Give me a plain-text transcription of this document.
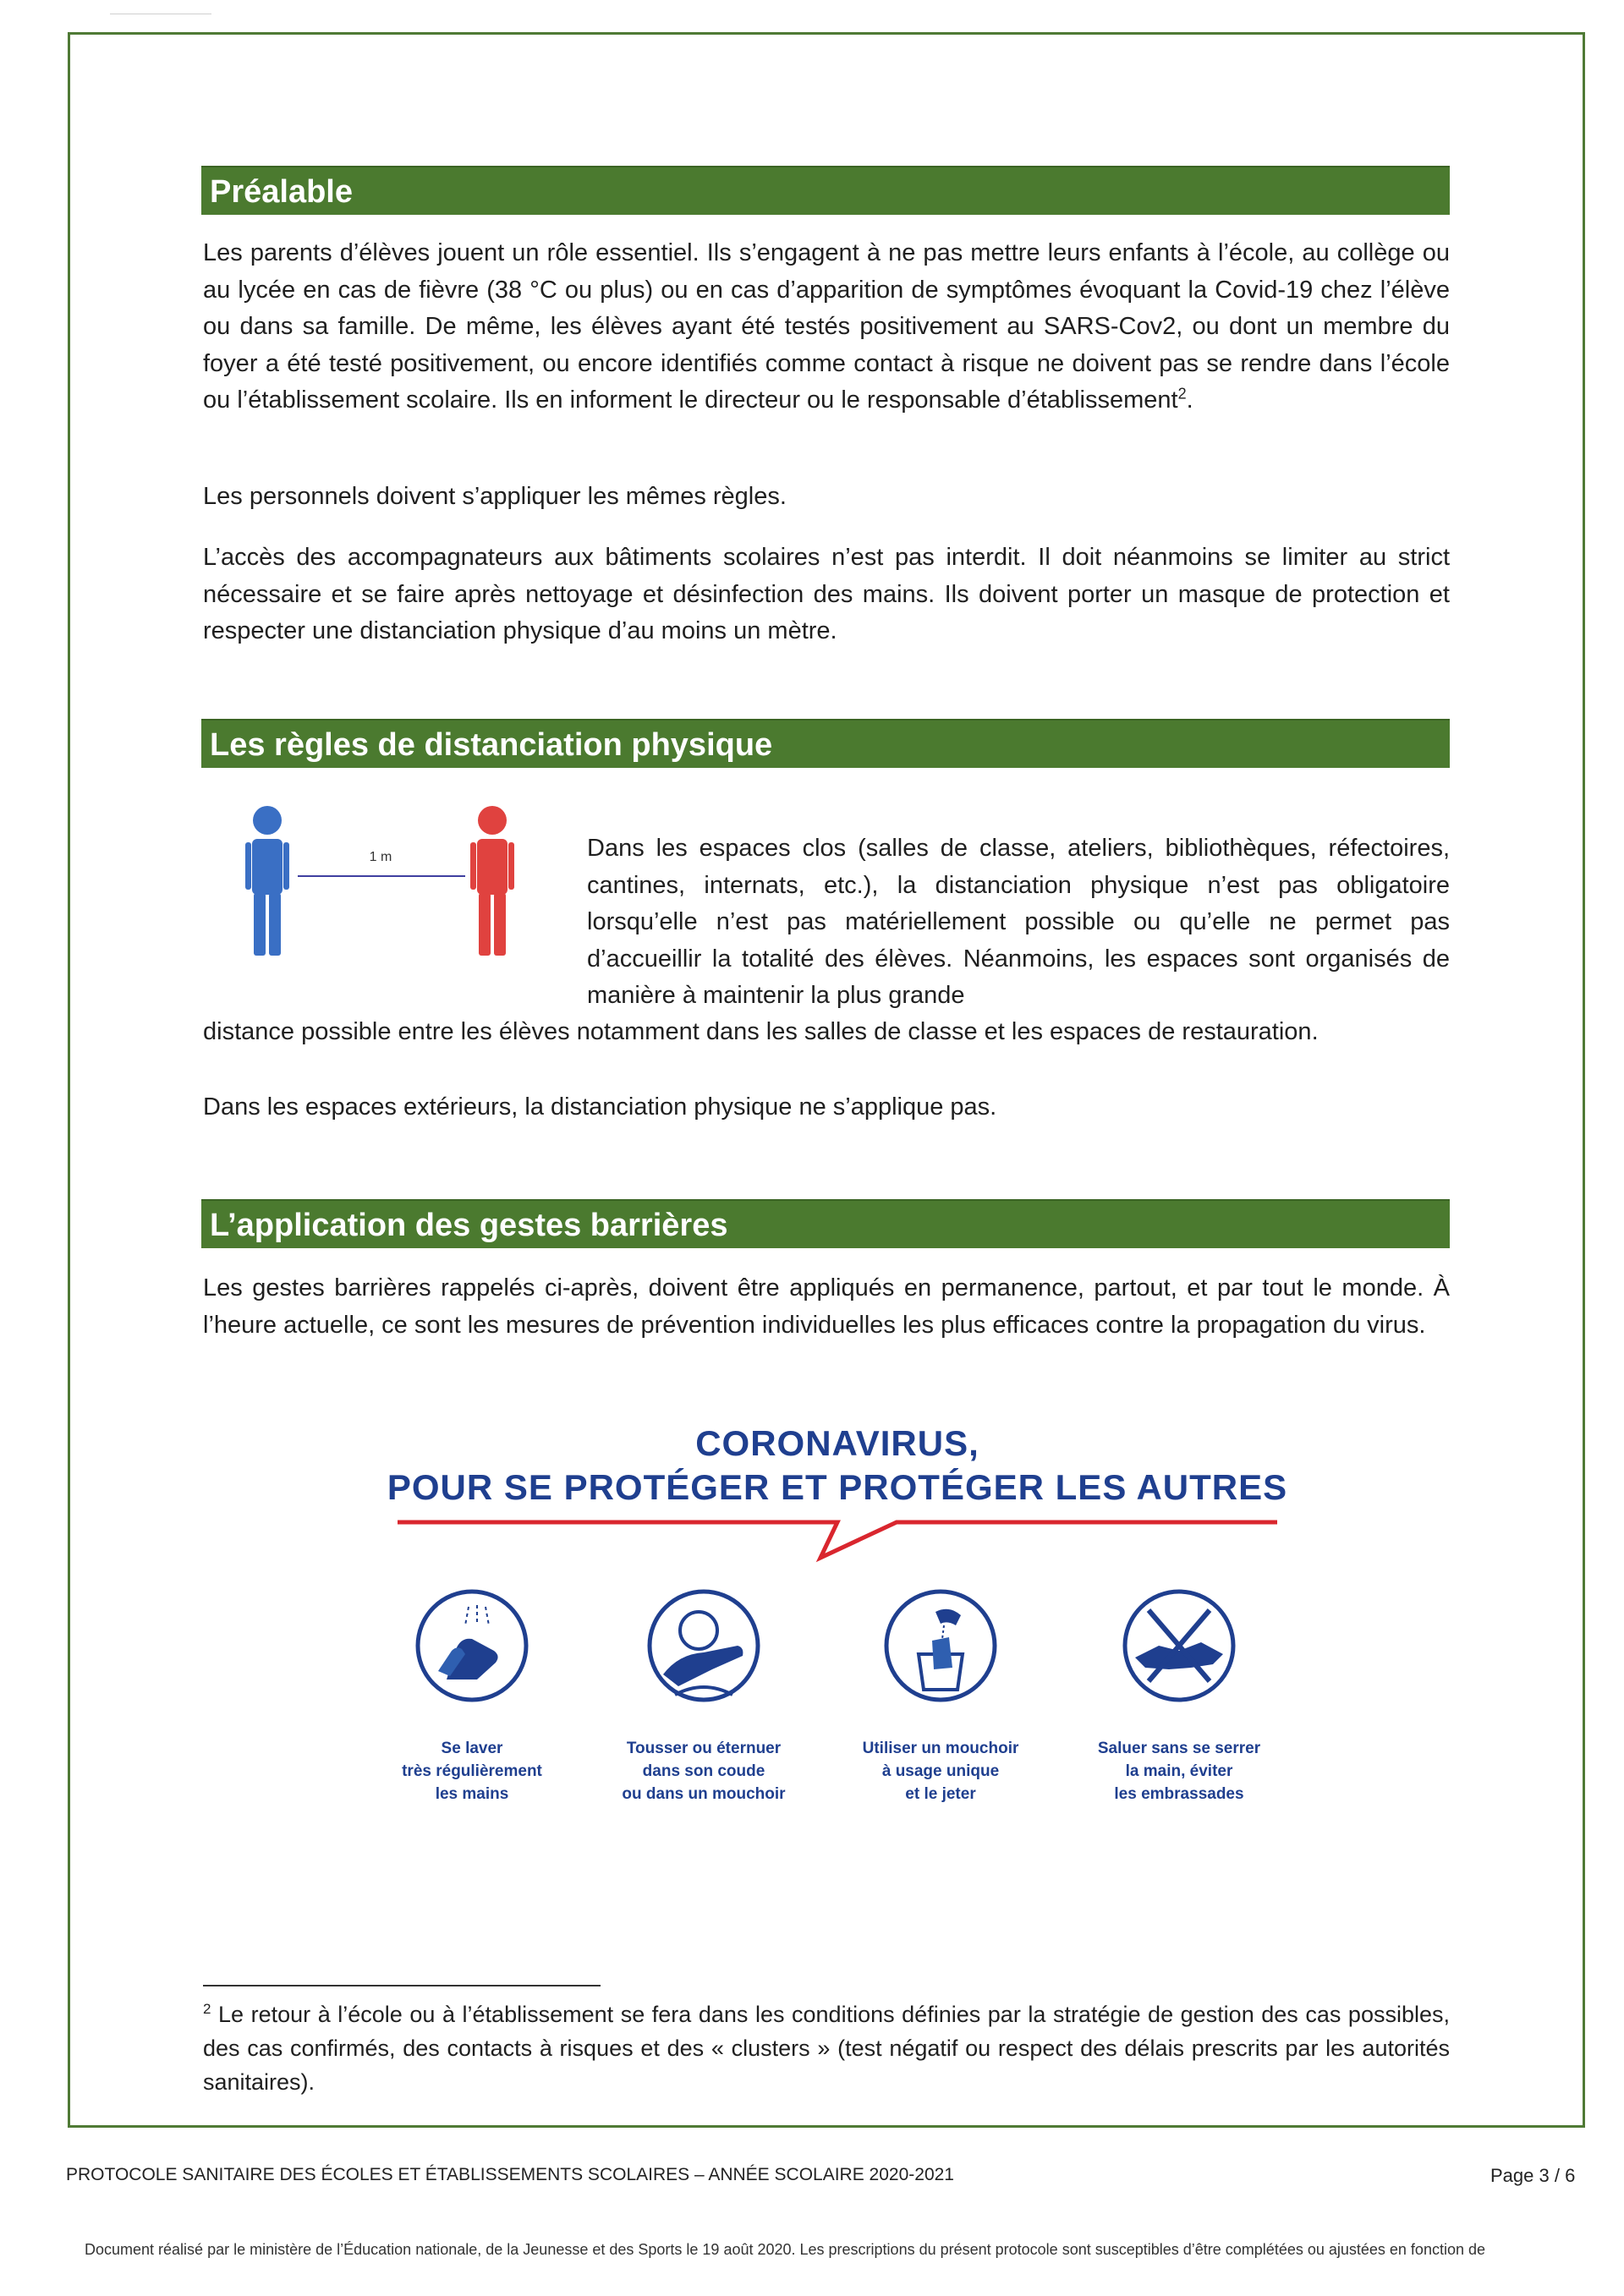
Préalable

Les parents d’élèves jouent un rôle essentiel. Ils s’engagent à ne pas mettre leurs enfants à l’école, au collège ou au lycée en cas de fièvre (38 °C ou plus) ou en cas d’apparition de symptômes évoquant la Covid-19 chez l’élève ou dans sa famille. De même, les élèves ayant été testés positivement au SARS-Cov2, ou dont un membre du foyer a été testé positivement, ou encore identifiés comme contact à risque ne doivent pas se rendre dans l’école ou l’établissement scolaire. Ils en informent le directeur ou le responsable d’établissement$^2$.

Les personnels doivent s’appliquer les mêmes règles.

L’accès des accompagnateurs aux bâtiments scolaires n’est pas interdit. Il doit néanmoins se limiter au strict nécessaire et se faire après nettoyage et désinfection des mains. Ils doivent porter un masque de protection et respecter une distanciation physique d’au moins un mètre.

Les règles de distanciation physique
1 m	Dans les espaces clos (salles de classe, ateliers, bibliothèques, réfectoires, cantines, internats, etc.), la distanciation physique n’est pas obligatoire lorsqu’elle n’est pas matériellement possible ou qu’elle ne permet pas d’accueillir la totalité des élèves. Néanmoins, les espaces sont organisés de manière à maintenir la plus grande

distance possible entre les élèves notamment dans les salles de classe et les espaces de restauration.

Dans les espaces extérieurs, la distanciation physique ne s’applique pas.

L’application des gestes barrières

Les gestes barrières rappelés ci-après, doivent être appliqués en permanence, partout, et par tout le monde. À l’heure actuelle, ce sont les mesures de prévention individuelles les plus efficaces contre la propagation du virus.

CORONAVIRUS,

POUR SE PROTÉGER ET PROTÉGER LES AUTRES

Se laver
très régulièrement
les mains

Tousser ou éternuer
dans son coude
ou dans un mouchoir

Utiliser un mouchoir
à usage unique
et le jeter

Saluer sans se serrer
la main, éviter
les embrassades

$^2$ Le retour à l’école ou à l’établissement se fera dans les conditions définies par la stratégie de gestion des cas possibles, des cas confirmés, des contacts à risques et des « clusters » (test négatif ou respect des délais prescrits par les autorités sanitaires).

PROTOCOLE SANITAIRE DES ÉCOLES ET ÉTABLISSEMENTS SCOLAIRES – ANNÉE SCOLAIRE 2020-2021	Page 3 / 6

Document réalisé par le ministère de l’Éducation nationale, de la Jeunesse et des Sports le 19 août 2020. Les prescriptions du présent protocole sont susceptibles d’être complétées ou ajustées en fonction de
